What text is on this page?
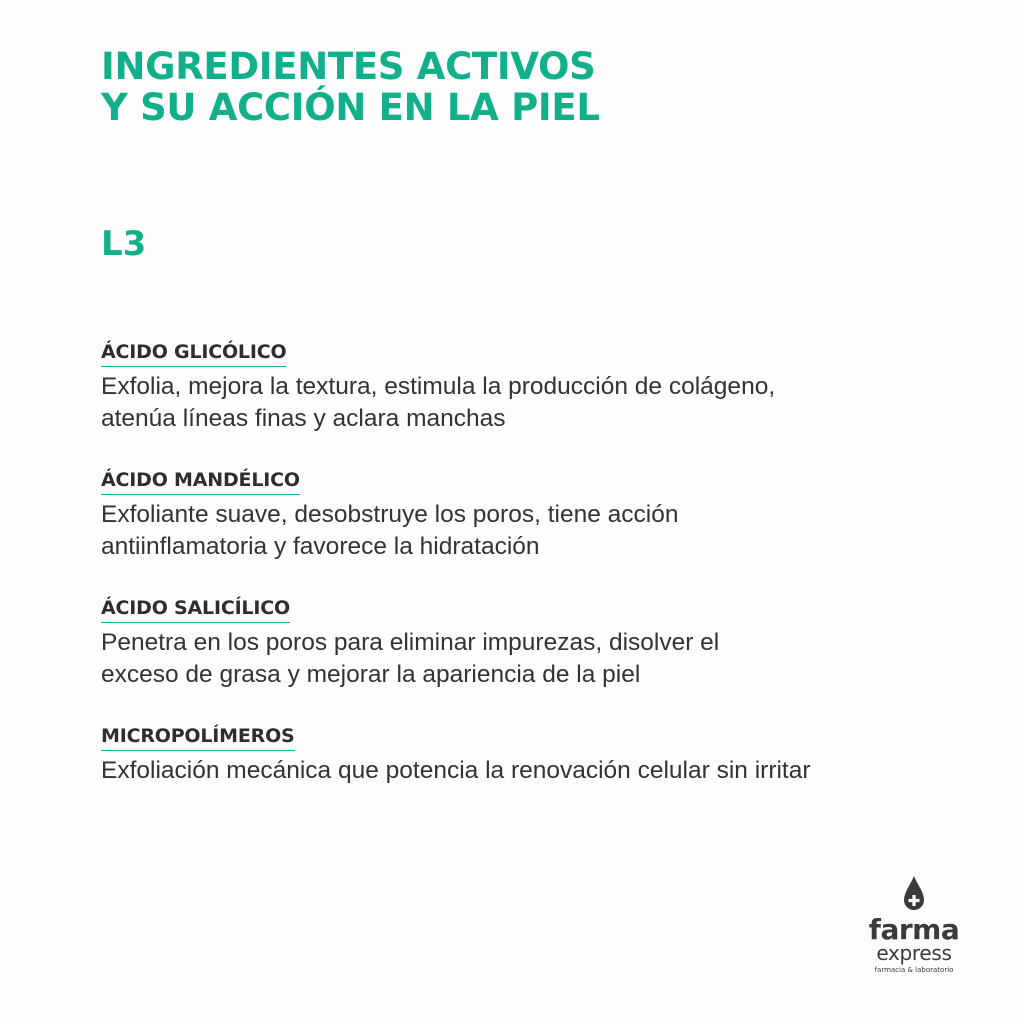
INGREDIENTES ACTIVOS
Y SU ACCIÓN EN LA PIEL
L3
ÁCIDO GLICÓLICO

Exfolia, mejora la textura, estimula la producción de colágeno,
atenúa líneas finas y aclara manchas

ÁCIDO MANDÉLICO

Exfoliante suave, desobstruye los poros, tiene acción
antiinflamatoria y favorece la hidratación

ÁCIDO SALICÍLICO

Penetra en los poros para eliminar impurezas, disolver el
exceso de grasa y mejorar la apariencia de la piel

MICROPOLÍMEROS

Exfoliación mecánica que potencia la renovación celular sin irritar

farma
express
farmacia & laboratorio
